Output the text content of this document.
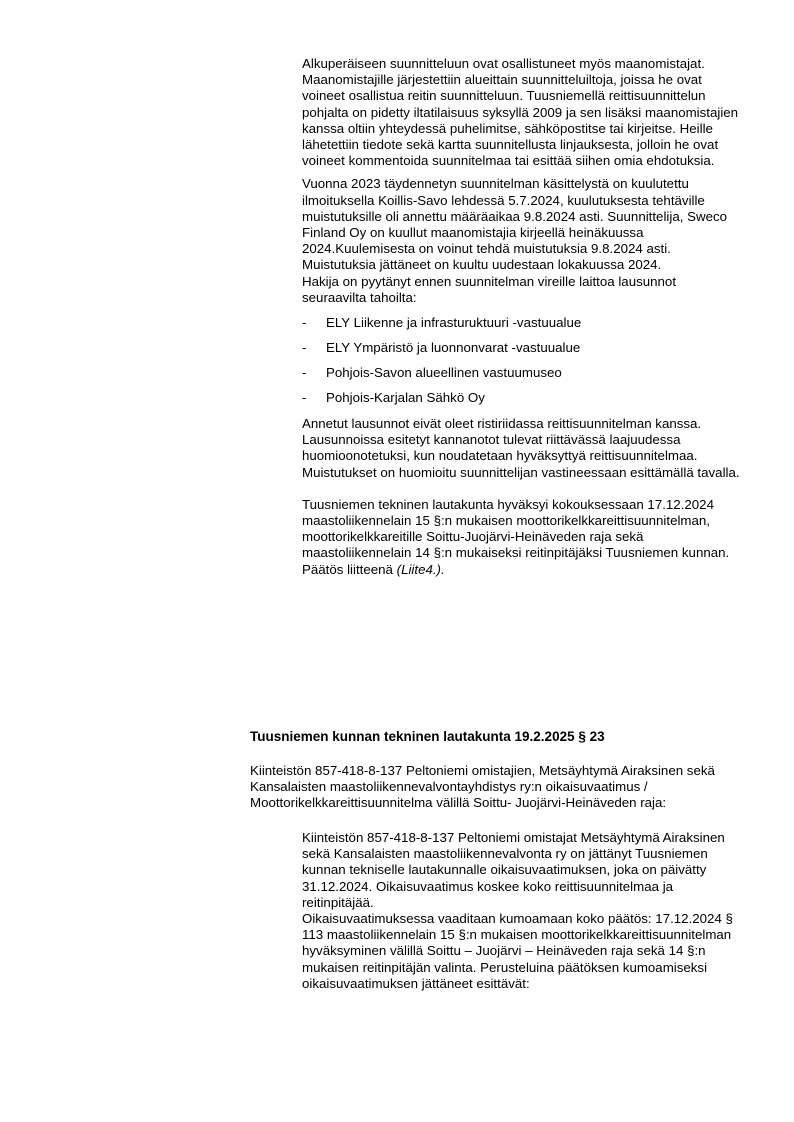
Alkuperäiseen suunnitteluun ovat osallistuneet myös maanomistajat. Maanomistajille järjestettiin alueittain suunnitteluiltoja, joissa he ovat voineet osallistua reitin suunnitteluun. Tuusniemellä reittisuunnittelun pohjalta on pidetty iltatilaisuus syksyllä 2009 ja sen lisäksi maanomistajien kanssa oltiin yhteydessä puhelimitse, sähköpostitse tai kirjeitse. Heille lähetettiin tiedote sekä kartta suunnitellusta linjauksesta, jolloin he ovat voineet kommentoida suunnitelmaa tai esittää siihen omia ehdotuksia.

Vuonna 2023 täydennetyn suunnitelman käsittelystä on kuulutettu ilmoituksella Koillis-Savo lehdessä 5.7.2024, kuulutuksesta tehtäville muistutuksille oli annettu määräaikaa 9.8.2024 asti. Suunnittelija, Sweco Finland Oy on kuullut maanomistajia kirjeellä heinäkuussa 2024.Kuulemisesta on voinut tehdä muistutuksia 9.8.2024 asti. Muistutuksia jättäneet on kuultu uudestaan lokakuussa 2024.

Hakija on pyytänyt ennen suunnitelman vireille laittoa lausunnot seuraavilta tahoilta:

-	ELY Liikenne ja infrasturuktuuri -vastuualue
-	ELY Ympäristö ja luonnonvarat -vastuualue
-	Pohjois-Savon alueellinen vastuumuseo
-	Pohjois-Karjalan Sähkö Oy

Annetut lausunnot eivät oleet ristiriidassa reittisuunnitelman kanssa. Lausunnoissa esitetyt kannanotot tulevat riittävässä laajuudessa huomioonotetuksi, kun noudatetaan hyväksyttyä reittisuunnitelmaa.

Muistutukset on huomioitu suunnittelijan vastineessaan esittämällä tavalla.

Tuusniemen tekninen lautakunta hyväksyi kokouksessaan 17.12.2024 maastoliikennelain 15 §:n mukaisen moottorikelkkareittisuunnitelman, moottorikelkkareitille Soittu-Juojärvi-Heinäveden raja sekä maastoliikennelain 14 §:n mukaiseksi reitinpitäjäksi Tuusniemen kunnan. Päätös liitteenä (Liite4.).

Tuusniemen kunnan tekninen lautakunta 19.2.2025 § 23
Kiinteistön 857-418-8-137 Peltoniemi omistajien, Metsäyhtymä Airaksinen sekä Kansalaisten maastoliikennevalvontayhdistys ry:n oikaisuvaatimus / Moottorikelkkareittisuunnitelma välillä Soittu- Juojärvi-Heinäveden raja:

Kiinteistön 857-418-8-137 Peltoniemi omistajat Metsäyhtymä Airaksinen sekä Kansalaisten maastoliikennevalvonta ry on jättänyt Tuusniemen kunnan tekniselle lautakunnalle oikaisuvaatimuksen, joka on päivätty 31.12.2024. Oikaisuvaatimus koskee koko reittisuunnitelmaa ja reitinpitäjää.

Oikaisuvaatimuksessa vaaditaan kumoamaan koko päätös: 17.12.2024 § 113 maastoliikennelain 15 §:n mukaisen moottorikelkkareittisuunnitelman hyväksyminen välillä Soittu – Juojärvi – Heinäveden raja sekä 14 §:n mukaisen reitinpitäjän valinta. Perusteluina päätöksen kumoamiseksi oikaisuvaatimuksen jättäneet esittävät:
